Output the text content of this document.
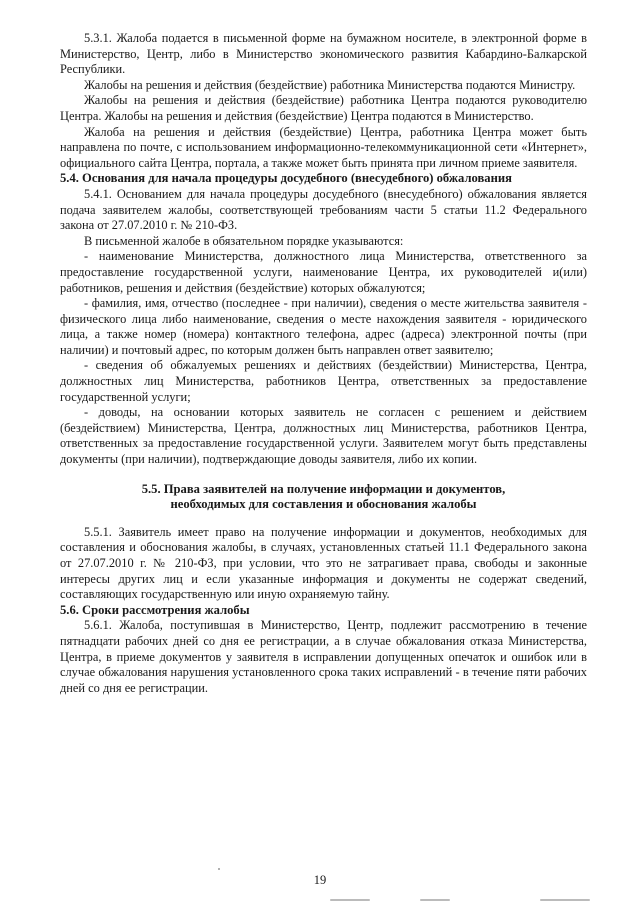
5.3.1. Жалоба подается в письменной форме на бумажном носителе, в электронной форме в Министерство, Центр, либо в Министерство экономического развития Кабардино-Балкарской Республики.

Жалобы на решения и действия (бездействие) работника Министерства подаются Министру.

Жалобы на решения и действия (бездействие) работника Центра подаются руководителю Центра. Жалобы на решения и действия (бездействие) Центра подаются в Министерство.

Жалоба на решения и действия (бездействие) Центра, работника Центра может быть направлена по почте, с использованием информационно-телекоммуникационной сети «Интернет», официального сайта Центра, портала, а также может быть принята при личном приеме заявителя.

5.4. Основания для начала процедуры досудебного (внесудебного) обжалования

5.4.1. Основанием для начала процедуры досудебного (внесудебного) обжалования является подача заявителем жалобы, соответствующей требованиям части 5 статьи 11.2 Федерального закона от 27.07.2010 г. № 210-ФЗ.

В письменной жалобе в обязательном порядке указываются:

- наименование Министерства, должностного лица Министерства, ответственного за предоставление государственной услуги, наименование Центра, их руководителей и(или) работников, решения и действия (бездействие) которых обжалуются;

- фамилия, имя, отчество (последнее - при наличии), сведения о месте жительства заявителя - физического лица либо наименование, сведения о месте нахождения заявителя - юридического лица, а также номер (номера) контактного телефона, адрес (адреса) электронной почты (при наличии) и почтовый адрес, по которым должен быть направлен ответ заявителю;

- сведения об обжалуемых решениях и действиях (бездействии) Министерства, Центра, должностных лиц Министерства, работников Центра, ответственных за предоставление государственной услуги;

- доводы, на основании которых заявитель не согласен с решением и действием (бездействием) Министерства, Центра, должностных лиц Министерства, работников Центра, ответственных за предоставление государственной услуги. Заявителем могут быть представлены документы (при наличии), подтверждающие доводы заявителя, либо их копии.

5.5. Права заявителей на получение информации и документов,
необходимых для составления и обоснования жалобы

5.5.1. Заявитель имеет право на получение информации и документов, необходимых для составления и обоснования жалобы, в случаях, установленных статьей 11.1 Федерального закона от 27.07.2010 г. № 210-ФЗ, при условии, что это не затрагивает права, свободы и законные интересы других лиц и если указанные информация и документы не содержат сведений, составляющих государственную или иную охраняемую тайну.

5.6. Сроки рассмотрения жалобы

5.6.1. Жалоба, поступившая в Министерство, Центр, подлежит рассмотрению в течение пятнадцати рабочих дней со дня ее регистрации, а в случае обжалования отказа Министерства, Центра, в приеме документов у заявителя в исправлении допущенных опечаток и ошибок или в случае обжалования нарушения установленного срока таких исправлений - в течение пяти рабочих дней со дня ее регистрации.

19
